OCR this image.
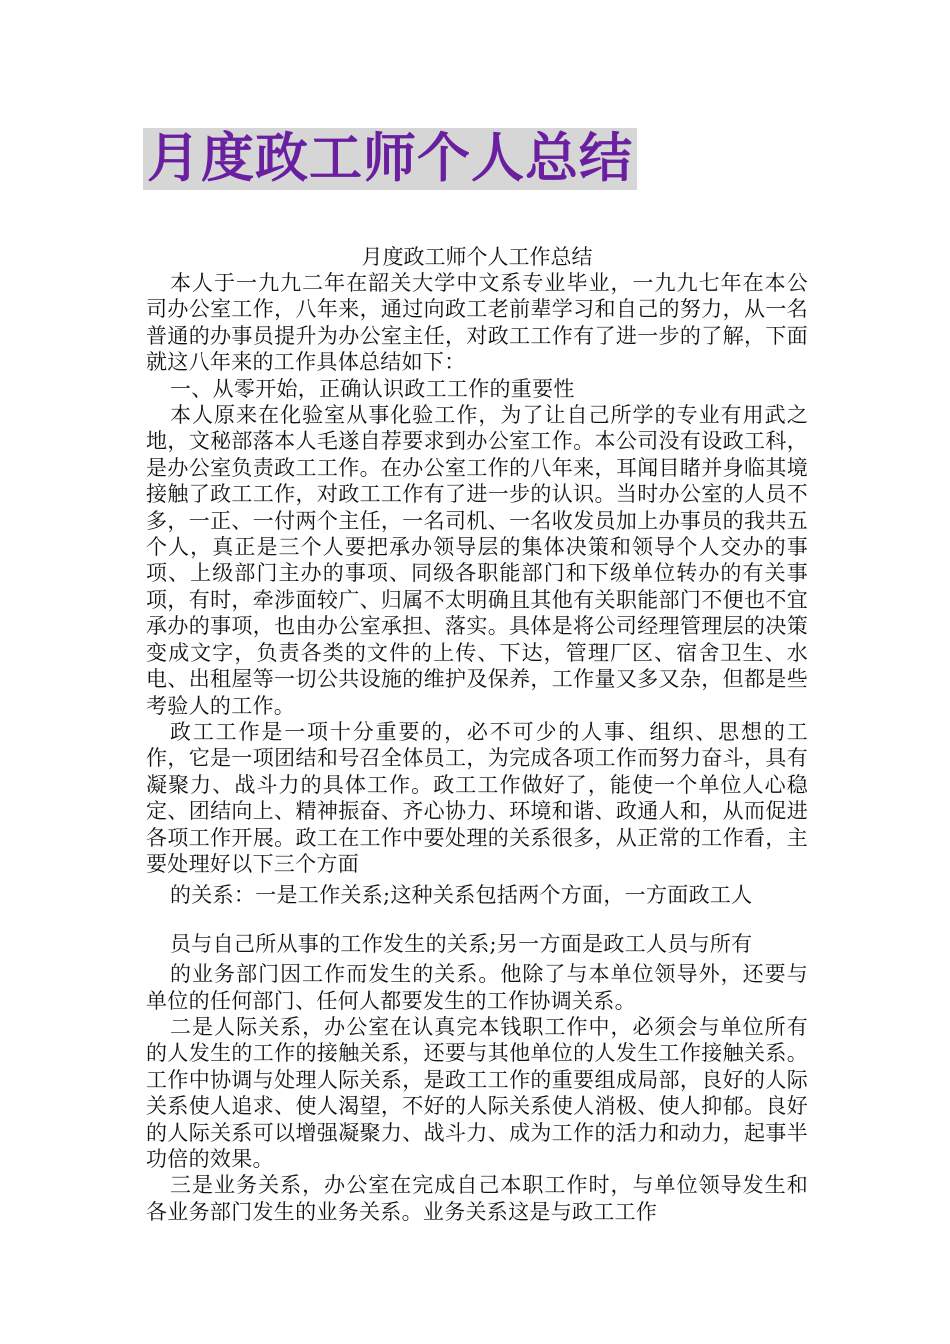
月度政工师个人总结
月度政工师个人工作总结

本人于一九九二年在韶关大学中文系专业毕业，一九九七年在本公司办公室工作，八年来，通过向政工老前辈学习和自己的努力，从一名普通的办事员提升为办公室主任，对政工工作有了进一步的了解，下面就这八年来的工作具体总结如下：

一、从零开始，正确认识政工工作的重要性

本人原来在化验室从事化验工作，为了让自己所学的专业有用武之地，文秘部落本人毛遂自荐要求到办公室工作。本公司没有设政工科，是办公室负责政工工作。在办公室工作的八年来，耳闻目睹并身临其境接触了政工工作，对政工工作有了进一步的认识。当时办公室的人员不多，一正、一付两个主任，一名司机、一名收发员加上办事员的我共五个人，真正是三个人要把承办领导层的集体决策和领导个人交办的事项、上级部门主办的事项、同级各职能部门和下级单位转办的有关事项，有时，牵涉面较广、归属不太明确且其他有关职能部门不便也不宜承办的事项，也由办公室承担、落实。具体是将公司经理管理层的决策变成文字，负责各类的文件的上传、下达，管理厂区、宿舍卫生、水电、出租屋等一切公共设施的维护及保养，工作量又多又杂，但都是些考验人的工作。

政工工作是一项十分重要的，必不可少的人事、组织、思想的工作，它是一项团结和号召全体员工，为完成各项工作而努力奋斗，具有凝聚力、战斗力的具体工作。政工工作做好了，能使一个单位人心稳定、团结向上、精神振奋、齐心协力、环境和谐、政通人和，从而促进各项工作开展。政工在工作中要处理的关系很多，从正常的工作看，主要处理好以下三个方面

的关系：一是工作关系;这种关系包括两个方面，一方面政工人

员与自己所从事的工作发生的关系;另一方面是政工人员与所有

的业务部门因工作而发生的关系。他除了与本单位领导外，还要与单位的任何部门、任何人都要发生的工作协调关系。

二是人际关系，办公室在认真完本钱职工作中，必须会与单位所有的人发生的工作的接触关系，还要与其他单位的人发生工作接触关系。工作中协调与处理人际关系，是政工工作的重要组成局部，良好的人际关系使人追求、使人渴望，不好的人际关系使人消极、使人抑郁。良好的人际关系可以增强凝聚力、战斗力、成为工作的活力和动力，起事半功倍的效果。

三是业务关系，办公室在完成自己本职工作时，与单位领导发生和各业务部门发生的业务关系。业务关系这是与政工工作
